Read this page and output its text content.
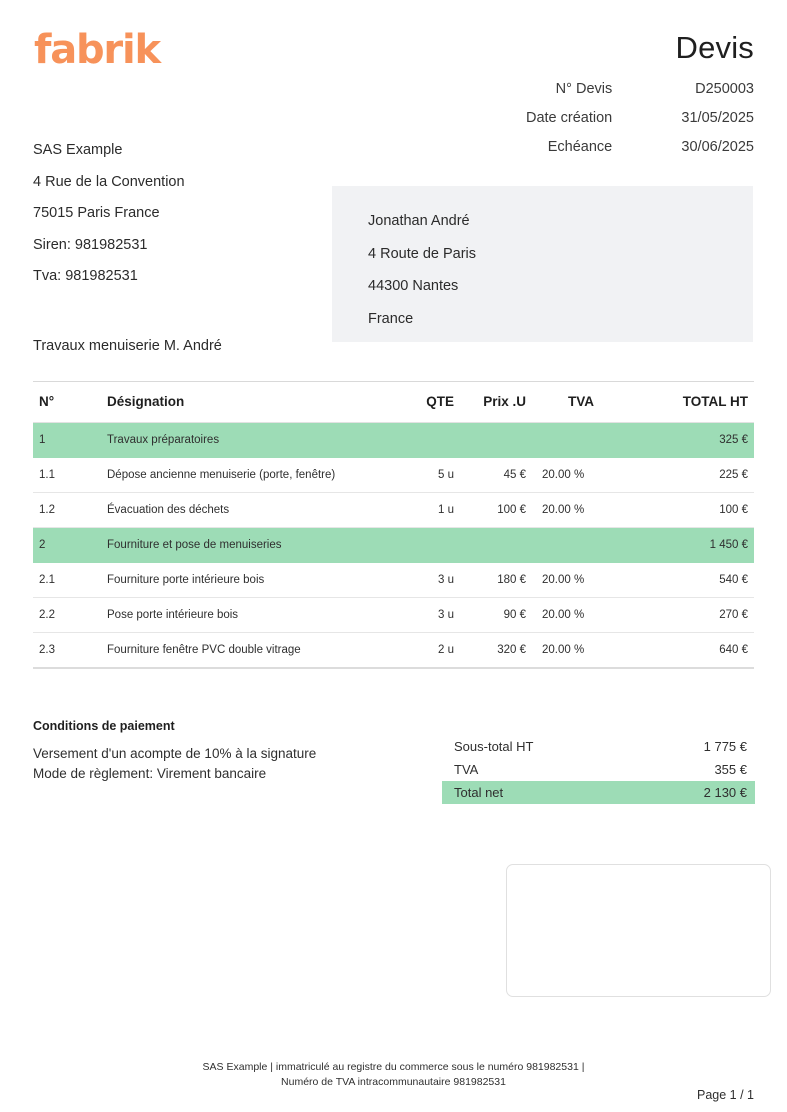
fabrik	Devis
N° Devis	D250003
Date création	31/05/2025
Echéance	30/06/2025
SAS Example
4 Rue de la Convention
75015 Paris France
Siren: 981982531
Tva: 981982531
Jonathan André
4 Route de Paris
44300 Nantes
France
Travaux menuiserie M. André
N°	Désignation	QTE	Prix .U	TVA	TOTAL HT
1	Travaux préparatoires				325 €
1.1	Dépose ancienne menuiserie (porte, fenêtre)	5 u	45 €	20.00 %	225 €
1.2	Évacuation des déchets	1 u	100 €	20.00 %	100 €
2	Fourniture et pose de menuiseries				1 450 €
2.1	Fourniture porte intérieure bois	3 u	180 €	20.00 %	540 €
2.2	Pose porte intérieure bois	3 u	90 €	20.00 %	270 €
2.3	Fourniture fenêtre PVC double vitrage	2 u	320 €	20.00 %	640 €
Conditions de paiement
Versement d'un acompte de 10% à la signature
Mode de règlement: Virement bancaire
Sous-total HT	1 775 €
TVA	355 €
Total net	2 130 €
SAS Example | immatriculé au registre du commerce sous le numéro 981982531 |
Numéro de TVA intracommunautaire 981982531
Page 1 / 1
